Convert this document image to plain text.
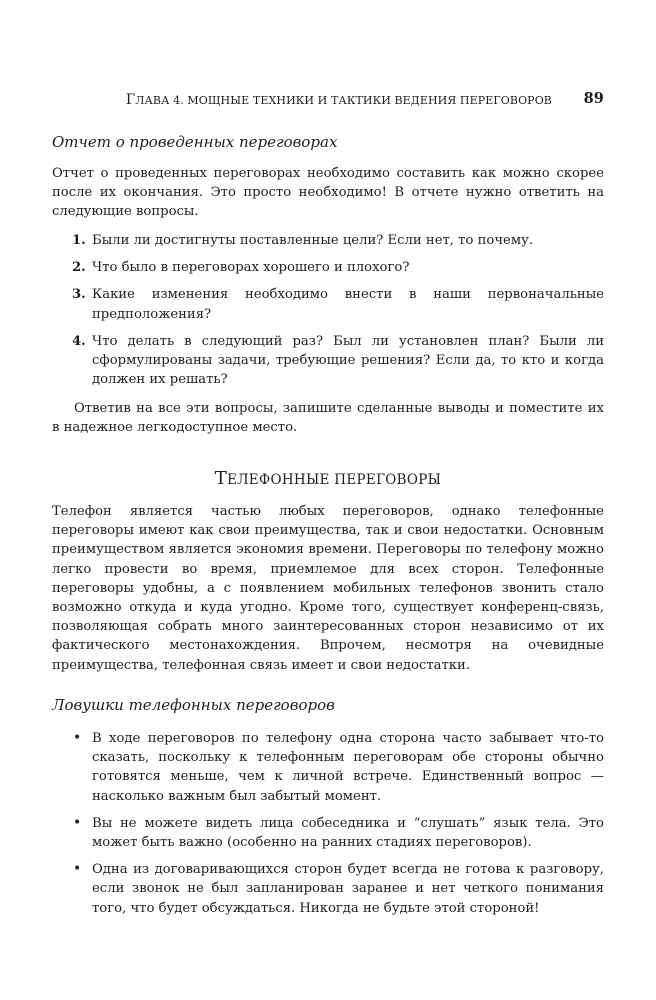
ГЛАВА 4. МОЩНЫЕ ТЕХНИКИ И ТАКТИКИ ВЕДЕНИЯ ПЕРЕГОВОРОВ 89
Отчет о проведенных переговорах
Отчет о проведенных переговорах необходимо составить как можно скорее после их окончания. Это просто необходимо! В отчете нужно ответить на следующие вопросы.
1. Были ли достигнуты поставленные цели? Если нет, то почему.
2. Что было в переговорах хорошего и плохого?
3. Какие изменения необходимо внести в наши первоначальные предположения?
4. Что делать в следующий раз? Был ли установлен план? Были ли сформулированы задачи, требующие решения? Если да, то кто и когда должен их решать?
Ответив на все эти вопросы, запишите сделанные выводы и поместите их в надежное легкодоступное место.
ТЕЛЕФОННЫЕ ПЕРЕГОВОРЫ
Телефон является частью любых переговоров, однако телефонные переговоры имеют как свои преимущества, так и свои недостатки. Основным преимуществом является экономия времени. Переговоры по телефону можно легко провести во время, приемлемое для всех сторон. Телефонные переговоры удобны, а с появлением мобильных телефонов звонить стало возможно откуда и куда угодно. Кроме того, существует конференц-связь, позволяющая собрать много заинтересованных сторон независимо от их фактического местонахождения. Впрочем, несмотря на очевидные преимущества, телефонная связь имеет и свои недостатки.
Ловушки телефонных переговоров
• В ходе переговоров по телефону одна сторона часто забывает что-то сказать, поскольку к телефонным переговорам обе стороны обычно готовятся меньше, чем к личной встрече. Единственный вопрос — насколько важным был забытый момент.
• Вы не можете видеть лица собеседника и “слушать” язык тела. Это может быть важно (особенно на ранних стадиях переговоров).
• Одна из договаривающихся сторон будет всегда не готова к разговору, если звонок не был запланирован заранее и нет четкого понимания того, что будет обсуждаться. Никогда не будьте этой стороной!
